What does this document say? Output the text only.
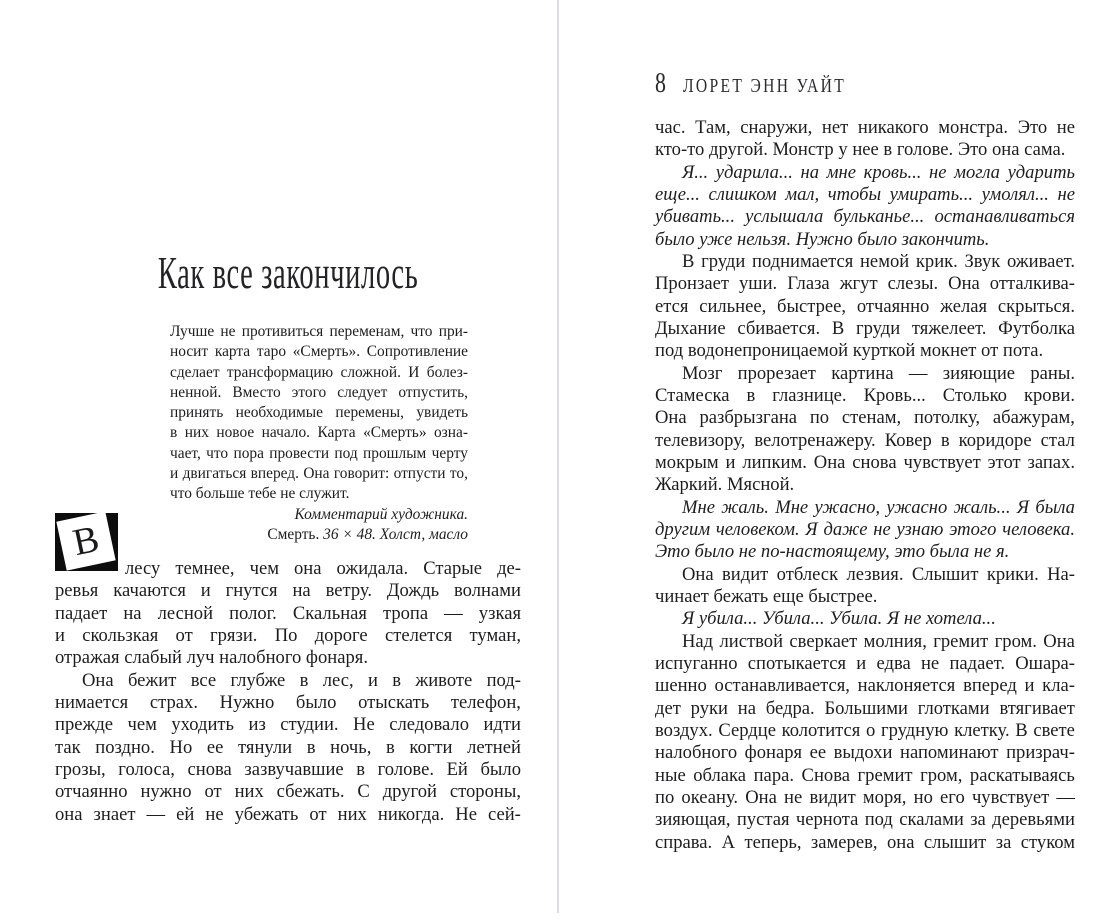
Как все закончилось
Лучше не противиться переменам, что при-
носит карта таро «Смерть». Сопротивление
сделает трансформацию сложной. И болез-
ненной. Вместо этого следует отпустить,
принять необходимые перемены, увидеть
в них новое начало. Карта «Смерть» озна-
чает, что пора провести под прошлым черту
и двигаться вперед. Она говорит: отпусти то,
что больше тебе не служит.
Комментарий художника.
Смерть. 36 × 48. Холст, масло
В
лесу темнее, чем она ожидала. Старые де-
ревья качаются и гнутся на ветру. Дождь волнами
падает на лесной полог. Скальная тропа — узкая
и скользкая от грязи. По дороге стелется туман,
отражая слабый луч налобного фонаря.
Она бежит все глубже в лес, и в животе под-
нимается страх. Нужно было отыскать телефон,
прежде чем уходить из студии. Не следовало идти
так поздно. Но ее тянули в ночь, в когти летней
грозы, голоса, снова зазвучавшие в голове. Ей было
отчаянно нужно от них сбежать. С другой стороны,
она знает — ей не убежать от них никогда. Не сей-
8 ЛОРЕТ ЭНН УАЙТ
час. Там, снаружи, нет никакого монстра. Это не
кто-то другой. Монстр у нее в голове. Это она сама.
Я... ударила... на мне кровь... не могла ударить
еще... слишком мал, чтобы умирать... умолял... не
убивать... услышала бульканье... останавливаться
было уже нельзя. Нужно было закончить.
В груди поднимается немой крик. Звук оживает.
Пронзает уши. Глаза жгут слезы. Она отталкива-
ется сильнее, быстрее, отчаянно желая скрыться.
Дыхание сбивается. В груди тяжелеет. Футболка
под водонепроницаемой курткой мокнет от пота.
Мозг прорезает картина — зияющие раны.
Стамеска в глазнице. Кровь... Столько крови.
Она разбрызгана по стенам, потолку, абажурам,
телевизору, велотренажеру. Ковер в коридоре стал
мокрым и липким. Она снова чувствует этот запах.
Жаркий. Мясной.
Мне жаль. Мне ужасно, ужасно жаль... Я была
другим человеком. Я даже не узнаю этого человека.
Это было не по-настоящему, это была не я.
Она видит отблеск лезвия. Слышит крики. На-
чинает бежать еще быстрее.
Я убила... Убила... Убила. Я не хотела...
Над листвой сверкает молния, гремит гром. Она
испуганно спотыкается и едва не падает. Ошара-
шенно останавливается, наклоняется вперед и кла-
дет руки на бедра. Большими глотками втягивает
воздух. Сердце колотится о грудную клетку. В свете
налобного фонаря ее выдохи напоминают призрач-
ные облака пара. Снова гремит гром, раскатываясь
по океану. Она не видит моря, но его чувствует —
зияющая, пустая чернота под скалами за деревьями
справа. А теперь, замерев, она слышит за стуком
